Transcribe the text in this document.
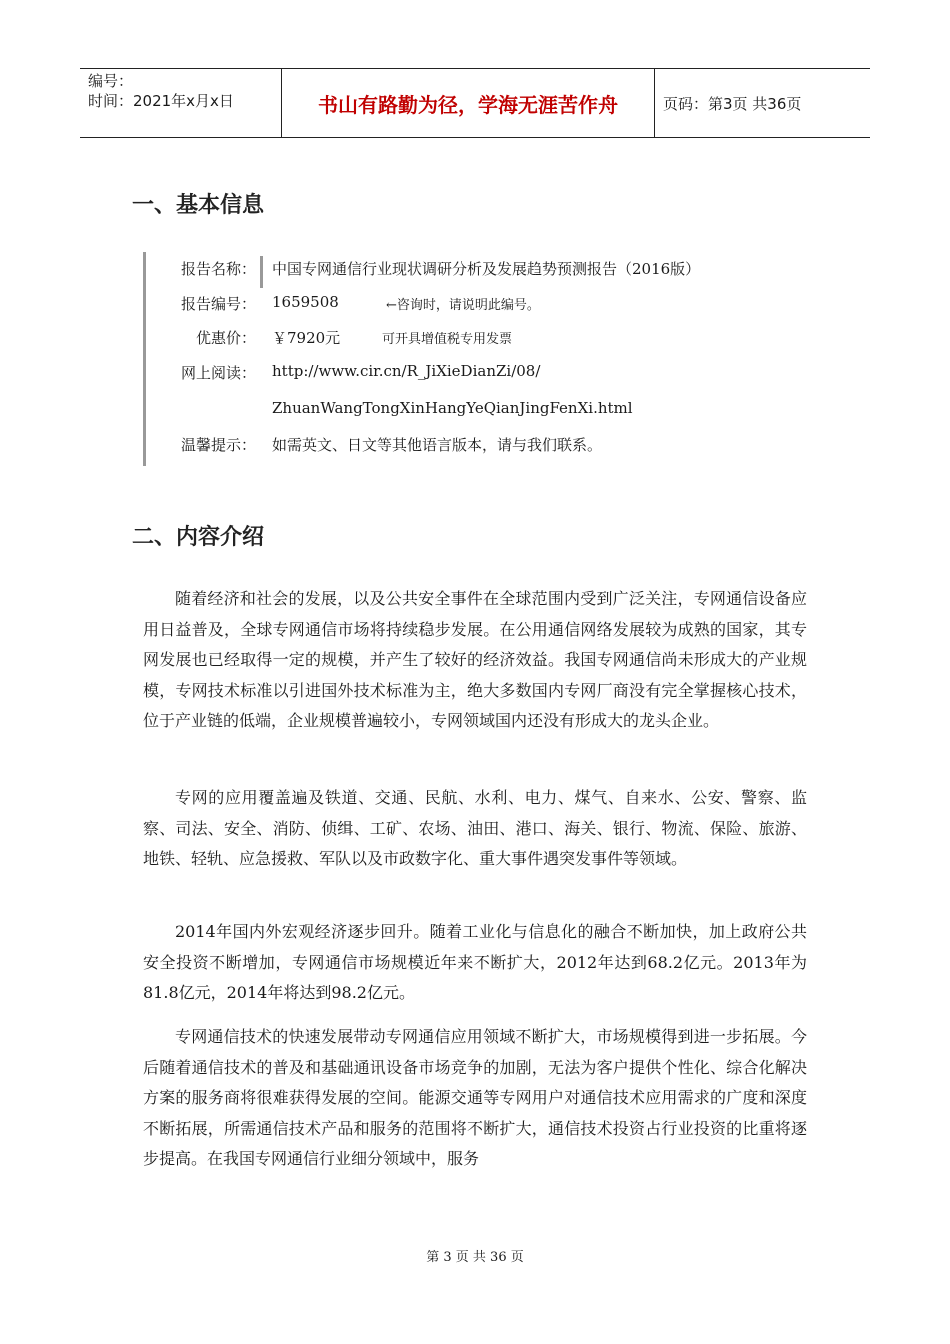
编号：
时间：2021年x月x日	书山有路勤为径，学海无涯苦作舟	页码：第3页 共36页
一、基本信息
报告名称： 中国专网通信行业现状调研分析及发展趋势预测报告（2016版）
报告编号： 1659508	←咨询时，请说明此编号。
优惠价： ￥7920元	可开具增值税专用发票
网上阅读： http://www.cir.cn/R_JiXieDianZi/08/
ZhuanWangTongXinHangYeQianJingFenXi.html
温馨提示： 如需英文、日文等其他语言版本，请与我们联系。
二、内容介绍

随着经济和社会的发展，以及公共安全事件在全球范围内受到广泛关注，专网通信设备应用日益普及，全球专网通信市场将持续稳步发展。在公用通信网络发展较为成熟的国家，其专网发展也已经取得一定的规模，并产生了较好的经济效益。我国专网通信尚未形成大的产业规模，专网技术标准以引进国外技术标准为主，绝大多数国内专网厂商没有完全掌握核心技术，位于产业链的低端，企业规模普遍较小，专网领域国内还没有形成大的龙头企业。

专网的应用覆盖遍及铁道、交通、民航、水利、电力、煤气、自来水、公安、警察、监察、司法、安全、消防、侦缉、工矿、农场、油田、港口、海关、银行、物流、保险、旅游、地铁、轻轨、应急援救、军队以及市政数字化、重大事件遇突发事件等领域。

2014年国内外宏观经济逐步回升。随着工业化与信息化的融合不断加快，加上政府公共安全投资不断增加，专网通信市场规模近年来不断扩大，2012年达到68.2亿元。2013年为81.8亿元，2014年将达到98.2亿元。

专网通信技术的快速发展带动专网通信应用领域不断扩大，市场规模得到进一步拓展。今后随着通信技术的普及和基础通讯设备市场竞争的加剧，无法为客户提供个性化、综合化解决方案的服务商将很难获得发展的空间。能源交通等专网用户对通信技术应用需求的广度和深度不断拓展，所需通信技术产品和服务的范围将不断扩大，通信技术投资占行业投资的比重将逐步提高。在我国专网通信行业细分领域中，服务

第 3 页 共 36 页
